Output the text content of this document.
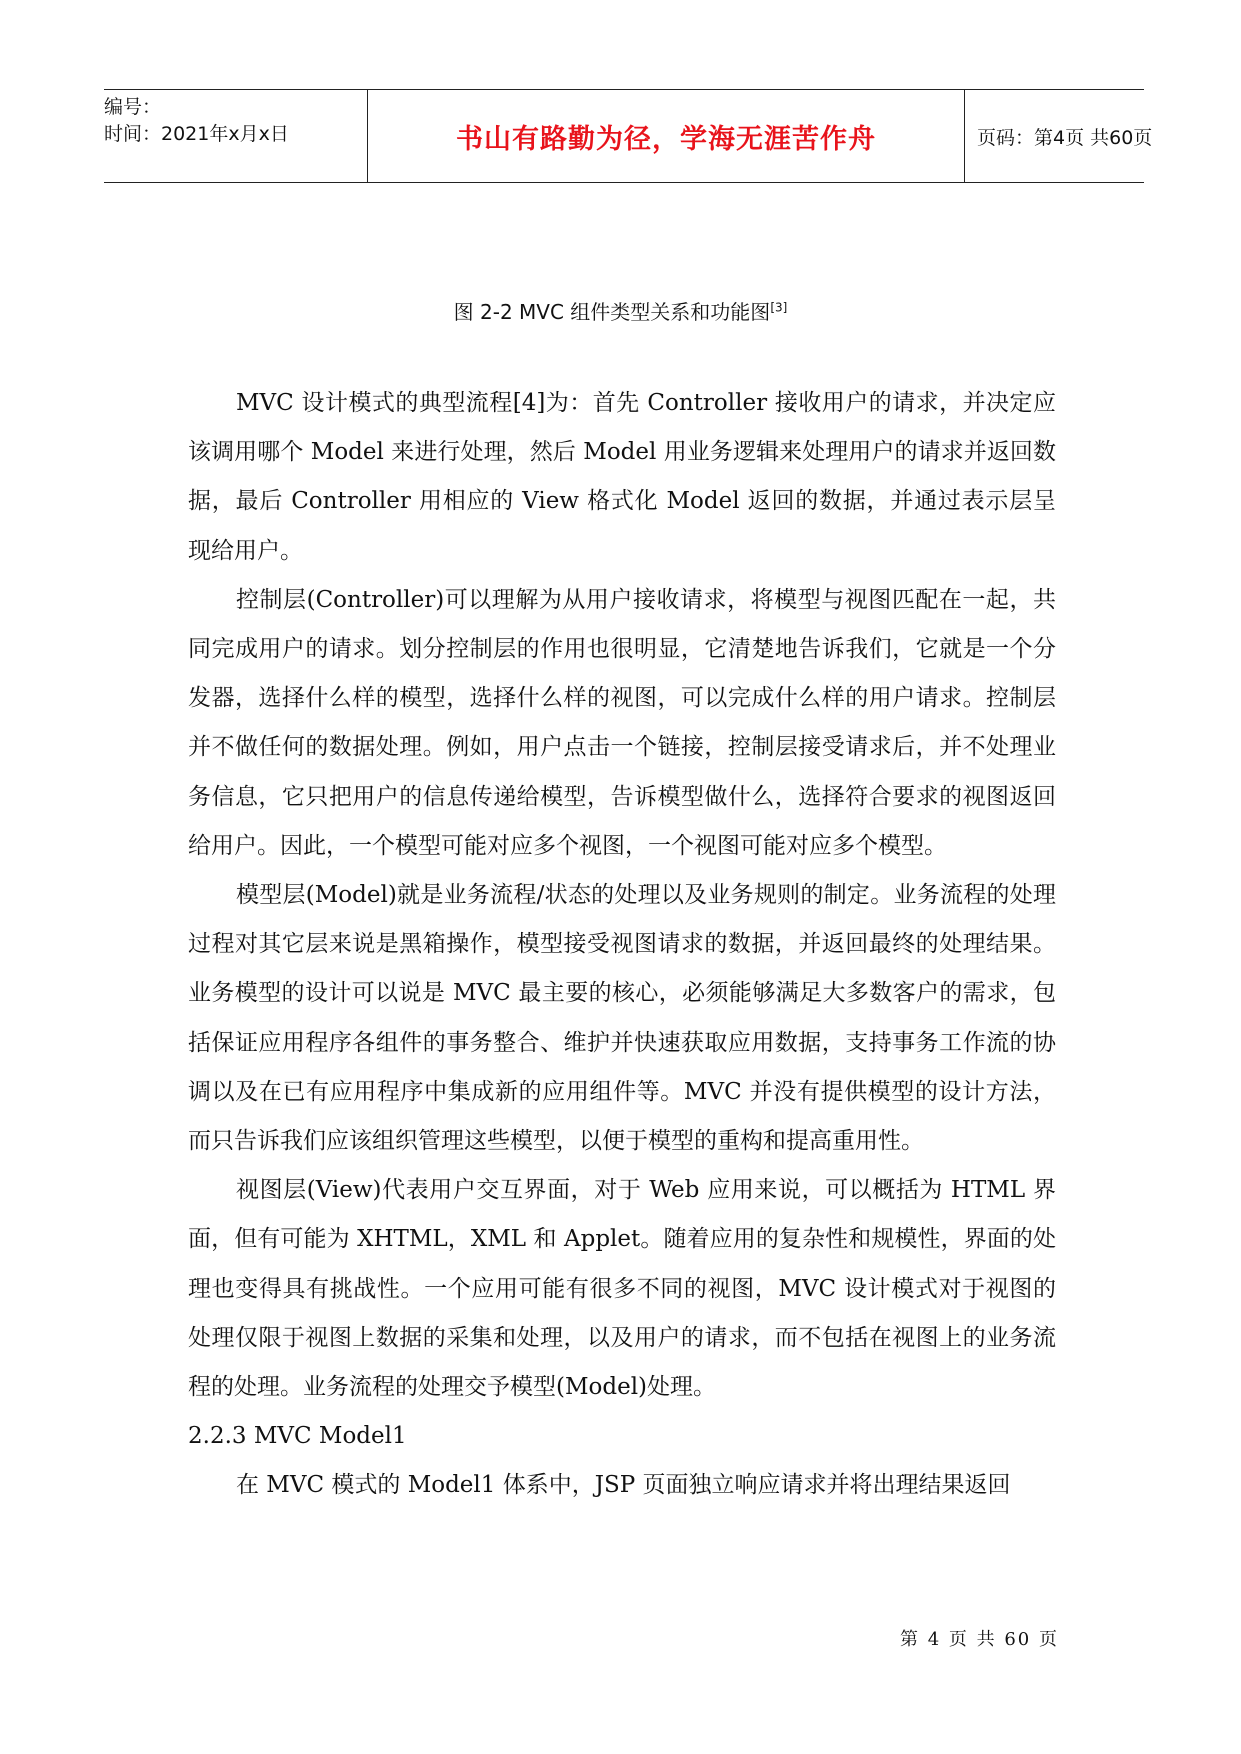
编号：
时间：2021年x月x日	书山有路勤为径，学海无涯苦作舟	页码：第4页 共60页
图 2-2 MVC 组件类型关系和功能图[3]

MVC 设计模式的典型流程[4]为：首先 Controller 接收用户的请求，并决定应该调用哪个 Model 来进行处理，然后 Model 用业务逻辑来处理用户的请求并返回数据，最后 Controller 用相应的 View 格式化 Model 返回的数据，并通过表示层呈现给用户。

控制层(Controller)可以理解为从用户接收请求，将模型与视图匹配在一起，共同完成用户的请求。划分控制层的作用也很明显，它清楚地告诉我们，它就是一个分发器，选择什么样的模型，选择什么样的视图，可以完成什么样的用户请求。控制层并不做任何的数据处理。例如，用户点击一个链接，控制层接受请求后，并不处理业务信息，它只把用户的信息传递给模型，告诉模型做什么，选择符合要求的视图返回给用户。因此，一个模型可能对应多个视图，一个视图可能对应多个模型。

模型层(Model)就是业务流程/状态的处理以及业务规则的制定。业务流程的处理过程对其它层来说是黑箱操作，模型接受视图请求的数据，并返回最终的处理结果。业务模型的设计可以说是 MVC 最主要的核心，必须能够满足大多数客户的需求，包括保证应用程序各组件的事务整合、维护并快速获取应用数据，支持事务工作流的协调以及在已有应用程序中集成新的应用组件等。MVC 并没有提供模型的设计方法，而只告诉我们应该组织管理这些模型，以便于模型的重构和提高重用性。

视图层(View)代表用户交互界面，对于 Web 应用来说，可以概括为 HTML 界面，但有可能为 XHTML，XML 和 Applet。随着应用的复杂性和规模性，界面的处理也变得具有挑战性。一个应用可能有很多不同的视图，MVC 设计模式对于视图的处理仅限于视图上数据的采集和处理，以及用户的请求，而不包括在视图上的业务流程的处理。业务流程的处理交予模型(Model)处理。

2.2.3 MVC Model1

在 MVC 模式的 Model1 体系中，JSP 页面独立响应请求并将出理结果返回

第 4 页 共 60 页
